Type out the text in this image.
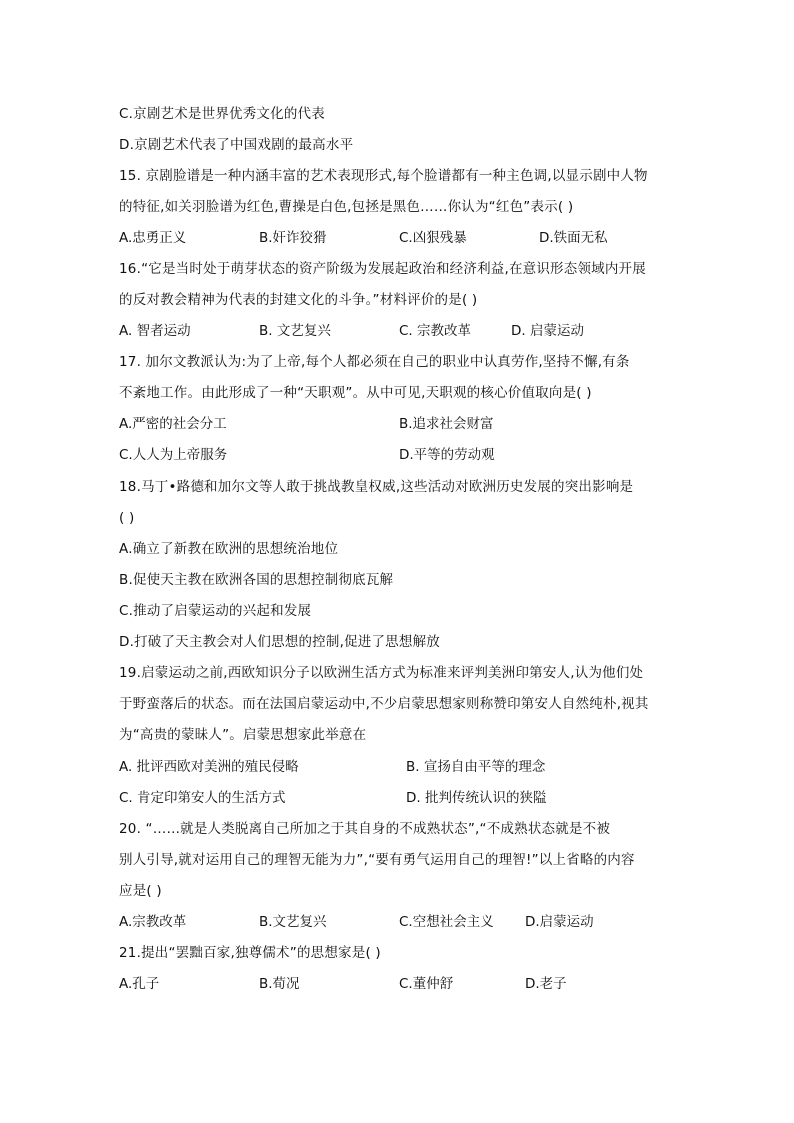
C.京剧艺术是世界优秀文化的代表
D.京剧艺术代表了中国戏剧的最高水平
15. 京剧脸谱是一种内涵丰富的艺术表现形式,每个脸谱都有一种主色调,以显示剧中人物
的特征,如关羽脸谱为红色,曹操是白色,包拯是黑色……你认为“红色”表示( )
A.忠勇正义	B.奸诈狡猾	C.凶狠残暴	D.铁面无私
16.“它是当时处于萌芽状态的资产阶级为发展起政治和经济利益,在意识形态领域内开展
的反对教会精神为代表的封建文化的斗争。”材料评价的是( )
A. 智者运动	B. 文艺复兴	C. 宗教改革	D. 启蒙运动
17. 加尔文教派认为:为了上帝,每个人都必须在自己的职业中认真劳作,坚持不懈,有条
不紊地工作。由此形成了一种“天职观”。从中可见,天职观的核心价值取向是( )
A.严密的社会分工	B.追求社会财富
C.人人为上帝服务	D.平等的劳动观
18.马丁•路德和加尔文等人敢于挑战教皇权威,这些活动对欧洲历史发展的突出影响是
( )
A.确立了新教在欧洲的思想统治地位
B.促使天主教在欧洲各国的思想控制彻底瓦解
C.推动了启蒙运动的兴起和发展
D.打破了天主教会对人们思想的控制,促进了思想解放
19.启蒙运动之前,西欧知识分子以欧洲生活方式为标准来评判美洲印第安人,认为他们处
于野蛮落后的状态。而在法国启蒙运动中,不少启蒙思想家则称赞印第安人自然纯朴,视其
为“高贵的蒙昧人”。启蒙思想家此举意在
A. 批评西欧对美洲的殖民侵略	B. 宣扬自由平等的理念
C. 肯定印第安人的生活方式	D. 批判传统认识的狭隘
20. “……就是人类脱离自己所加之于其自身的不成熟状态”,“不成熟状态就是不被
别人引导,就对运用自己的理智无能为力”,“要有勇气运用自己的理智!”以上省略的内容
应是( )
A.宗教改革	B.文艺复兴	C.空想社会主义 D.启蒙运动
21.提出“罢黜百家,独尊儒术”的思想家是( )
A.孔子	B.荀况	C.董仲舒	D.老子
